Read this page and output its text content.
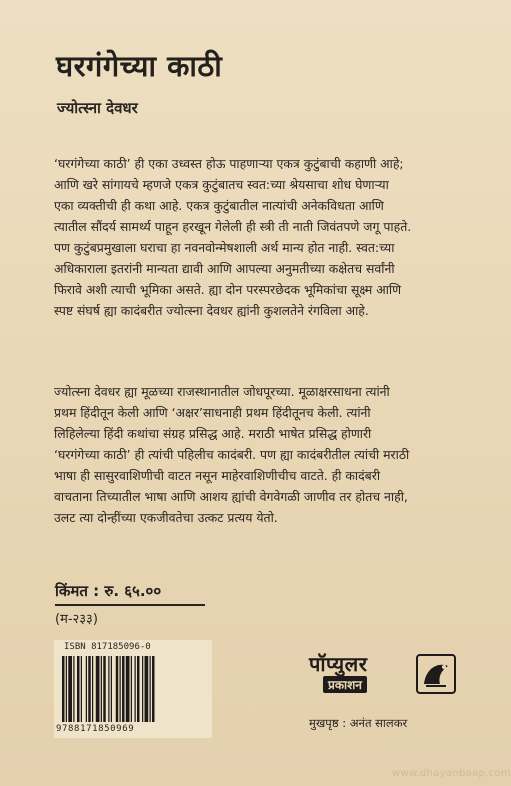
घरगंगेच्या काठी
ज्योत्स्ना देवधर
‘घरगंगेच्या काठी’ ही एका उध्वस्त होऊ पाहणाऱ्या एकत्र कुटुंबाची कहाणी आहे;
आणि खरे सांगायचे म्हणजे एकत्र कुटुंबातच स्वत:च्या श्रेयसाचा शोध घेणाऱ्या
एका व्यक्तीची ही कथा आहे. एकत्र कुटुंबातील नात्यांची अनेकविधता आणि
त्यातील सौंदर्य सामर्थ्य पाहून हरखून गेलेली ही स्त्री ती नाती जिवंतपणे जगू पाहते.
पण कुटुंबप्रमुखाला घराचा हा नवनवोन्मेषशाली अर्थ मान्य होत नाही. स्वत:च्या
अधिकाराला इतरांनी मान्यता द्यावी आणि आपल्या अनुमतीच्या कक्षेतच सर्वांनी
फिरावे अशी त्याची भूमिका असते. ह्या दोन परस्परछेदक भूमिकांचा सूक्ष्म आणि
स्पष्ट संघर्ष ह्या कादंबरीत ज्योत्स्ना देवधर ह्यांनी कुशलतेने रंगविला आहे.
ज्योत्स्ना देवधर ह्या मूळच्या राजस्थानातील जोधपूरच्या. मूळाक्षरसाधना त्यांनी
प्रथम हिंदीतून केली आणि ‘अक्षर’साधनाही प्रथम हिंदीतूनच केली. त्यांनी
लिहिलेल्या हिंदी कथांचा संग्रह प्रसिद्ध आहे. मराठी भाषेत प्रसिद्ध होणारी
‘घरगंगेच्या काठी’ ही त्यांची पहिलीच कादंबरी. पण ह्या कादंबरीतील त्यांची मराठी
भाषा ही सासुरवाशिणीची वाटत नसून माहेरवाशिणीचीच वाटते. ही कादंबरी
वाचताना तिच्यातील भाषा आणि आशय ह्यांची वेगवेगळी जाणीव तर होतच नाही,
उलट त्या दोन्हींच्या एकजीवतेचा उत्कट प्रत्यय येतो.
किंमत : रु. ६५.००
(म-२३३)
ISBN 817185096-0
9788171850969
पॉप्युलर
प्रकाशन
मुखपृष्ठ : अनंत सालकर
www.dhayanbaap.com
